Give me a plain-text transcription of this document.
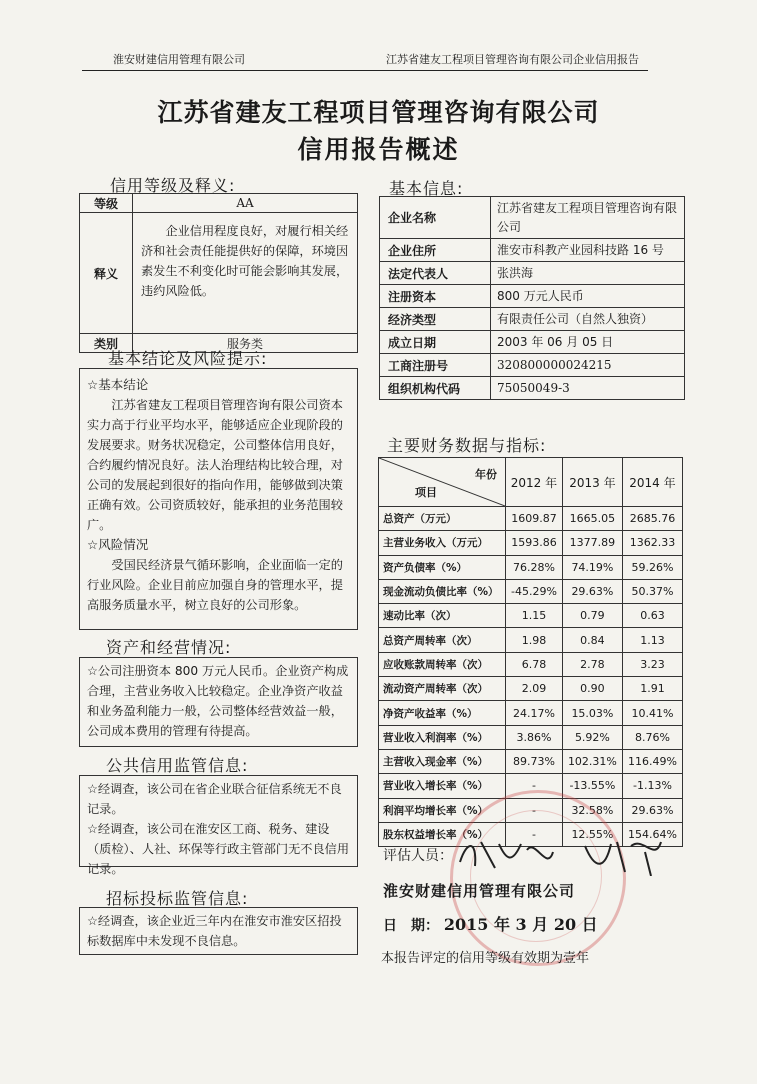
淮安财建信用管理有限公司	江苏省建友工程项目管理咨询有限公司企业信用报告
江苏省建友工程项目管理咨询有限公司
信用报告概述
信用等级及释义:
等级	AA
释义	企业信用程度良好，对履行相关经济和社会责任能提供好的保障，环境因素发生不利变化时可能会影响其发展，违约风险低。

类别	服务类
基本结论及风险提示:
☆基本结论
江苏省建友工程项目管理咨询有限公司资本实力高于行业平均水平，能够适应企业现阶段的发展要求。财务状况稳定，公司整体信用良好，合约履约情况良好。法人治理结构比较合理，对公司的发展起到很好的指向作用，能够做到决策正确有效。公司资质较好，能承担的业务范围较广。
☆风险情况
受国民经济景气循环影响，企业面临一定的行业风险。企业目前应加强自身的管理水平，提高服务质量水平，树立良好的公司形象。
资产和经营情况:
☆公司注册资本 800 万元人民币。企业资产构成合理，主营业务收入比较稳定。企业净资产收益和业务盈利能力一般，公司整体经营效益一般，公司成本费用的管理有待提高。
公共信用监管信息:
☆经调查，该公司在省企业联合征信系统无不良记录。
☆经调查，该公司在淮安区工商、税务、建设（质检）、人社、环保等行政主管部门无不良信用记录。
招标投标监管信息:
☆经调查，该企业近三年内在淮安市淮安区招投标数据库中未发现不良信息。
基本信息:
企业名称	江苏省建友工程项目管理咨询有限公司
企业住所	淮安市科教产业园科技路 16 号
法定代表人	张洪海
注册资本	800 万元人民币
经济类型	有限责任公司（自然人独资）
成立日期	2003 年 06 月 05 日
工商注册号	320800000024215
组织机构代码	75050049-3
主要财务数据与指标:
年份
项目	2012 年	2013 年	2014 年
总资产（万元）	1609.87	1665.05	2685.76
主营业务收入（万元）	1593.86	1377.89	1362.33
资产负债率（%）	76.28%	74.19%	59.26%
现金流动负债比率（%）	-45.29%	29.63%	50.37%
速动比率（次）	1.15	0.79	0.63
总资产周转率（次）	1.98	0.84	1.13
应收账款周转率（次）	6.78	2.78	3.23
流动资产周转率（次）	2.09	0.90	1.91
净资产收益率（%）	24.17%	15.03%	10.41%
营业收入利润率（%）	3.86%	5.92%	8.76%
主营收入现金率（%）	89.73%	102.31%	116.49%
营业收入增长率（%）	-	-13.55%	-1.13%
利润平均增长率（%）	-	32.58%	29.63%
股东权益增长率（%）	-	12.55%	154.64%
评估人员：
淮安财建信用管理有限公司
日　期： 2015 年 3 月 20 日
本报告评定的信用等级有效期为壹年
